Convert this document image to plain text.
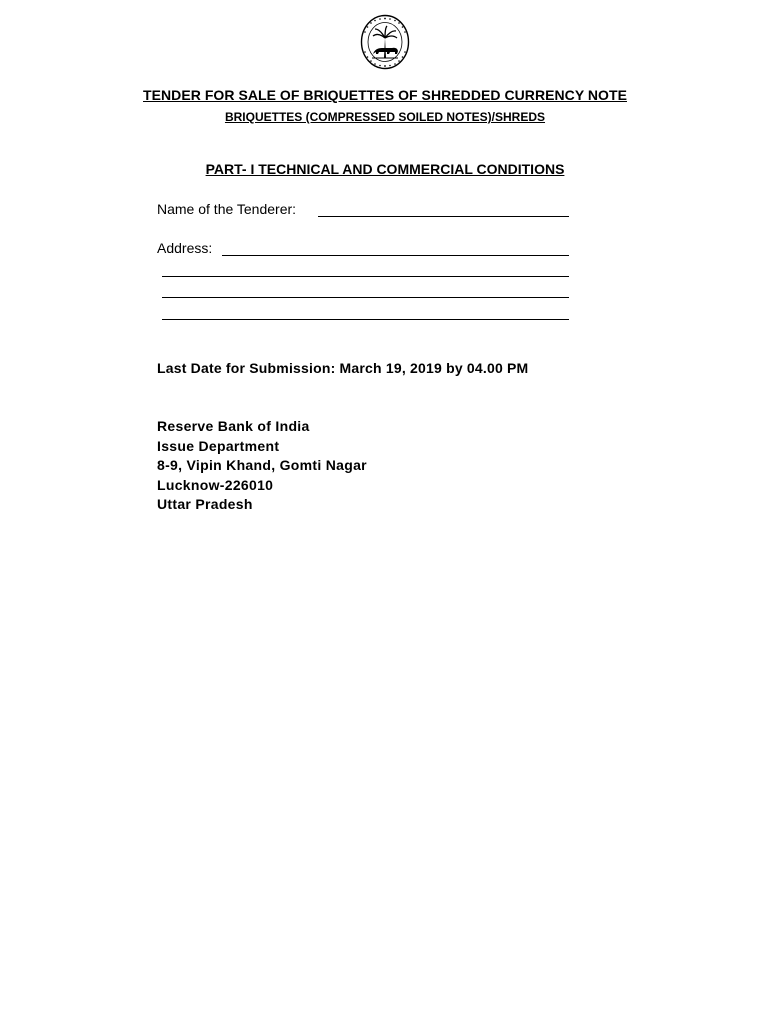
TENDER FOR SALE OF BRIQUETTES OF SHREDDED CURRENCY NOTE
BRIQUETTES (COMPRESSED SOILED NOTES)/SHREDS
PART- I TECHNICAL AND COMMERCIAL CONDITIONS
Name of the Tenderer:
Address:
Last Date for Submission: March 19, 2019 by 04.00 PM
Reserve Bank of India
Issue Department
8-9, Vipin Khand, Gomti Nagar
Lucknow-226010
Uttar Pradesh
